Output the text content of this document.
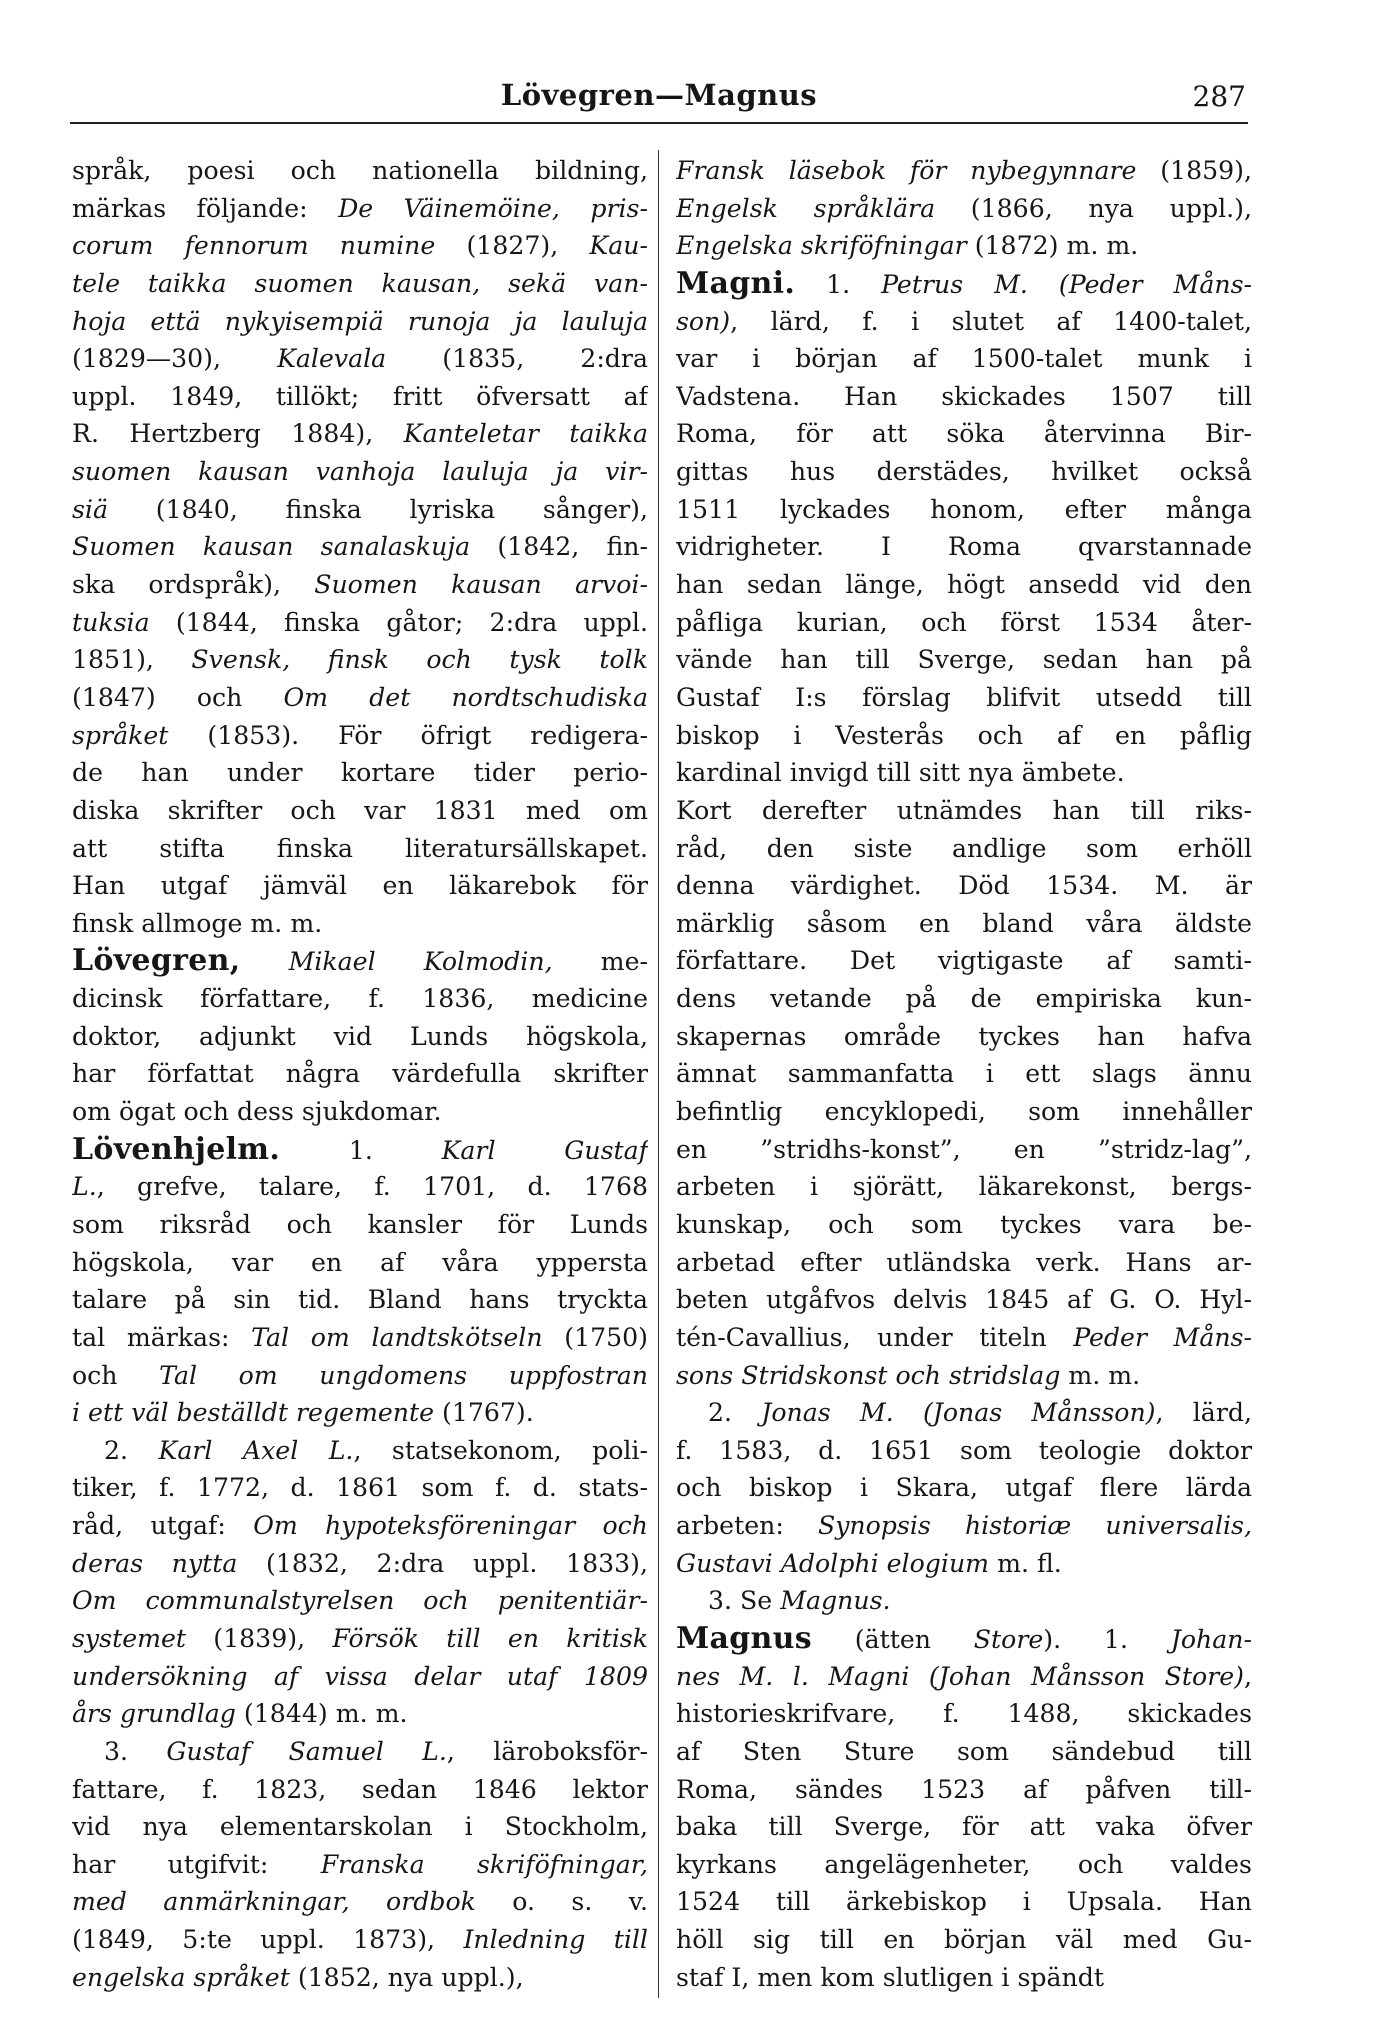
Lövegren—Magnus	287
språk, poesi och nationella bildning,
märkas följande: De Väinemöine, pris-
corum fennorum numine (1827), Kau-
tele taikka suomen kausan, sekä van-
hoja että nykyisempiä runoja ja lauluja
(1829—30), Kalevala (1835, 2:dra
uppl. 1849, tillökt; fritt öfversatt af
R. Hertzberg 1884), Kanteletar taikka
suomen kausan vanhoja lauluja ja vir-
siä (1840, finska lyriska sånger),
Suomen kausan sanalaskuja (1842, fin-
ska ordspråk), Suomen kausan arvoi-
tuksia (1844, finska gåtor; 2:dra uppl.
1851), Svensk, finsk och tysk tolk
(1847) och Om det nordtschudiska
språket (1853). För öfrigt redigera-
de han under kortare tider perio-
diska skrifter och var 1831 med om
att stifta finska literatursällskapet.
Han utgaf jämväl en läkarebok för
finsk allmoge m. m.
Lövegren, Mikael Kolmodin, me-
dicinsk författare, f. 1836, medicine
doktor, adjunkt vid Lunds högskola,
har författat några värdefulla skrifter
om ögat och dess sjukdomar.
Lövenhjelm. 1. Karl Gustaf
L., grefve, talare, f. 1701, d. 1768
som riksråd och kansler för Lunds
högskola, var en af våra yppersta
talare på sin tid. Bland hans tryckta
tal märkas: Tal om landtskötseln (1750)
och Tal om ungdomens uppfostran
i ett väl beställdt regemente (1767).
2. Karl Axel L., statsekonom, poli-
tiker, f. 1772, d. 1861 som f. d. stats-
råd, utgaf: Om hypoteksföreningar och
deras nytta (1832, 2:dra uppl. 1833),
Om communalstyrelsen och penitentiär-
systemet (1839), Försök till en kritisk
undersökning af vissa delar utaf 1809
års grundlag (1844) m. m.
3. Gustaf Samuel L., läroboksför-
fattare, f. 1823, sedan 1846 lektor
vid nya elementarskolan i Stockholm,
har utgifvit: Franska skriföfningar,
med anmärkningar, ordbok o. s. v.
(1849, 5:te uppl. 1873), Inledning till
engelska språket (1852, nya uppl.),
Fransk läsebok för nybegynnare (1859),
Engelsk språklära (1866, nya uppl.),
Engelska skriföfningar (1872) m. m.
Magni. 1. Petrus M. (Peder Måns-
son), lärd, f. i slutet af 1400-talet,
var i början af 1500-talet munk i
Vadstena. Han skickades 1507 till
Roma, för att söka återvinna Bir-
gittas hus derstädes, hvilket också
1511 lyckades honom, efter många
vidrigheter. I Roma qvarstannade
han sedan länge, högt ansedd vid den
påfliga kurian, och först 1534 åter-
vände han till Sverge, sedan han på
Gustaf I:s förslag blifvit utsedd till
biskop i Vesterås och af en påflig
kardinal invigd till sitt nya ämbete.
Kort derefter utnämdes han till riks-
råd, den siste andlige som erhöll
denna värdighet. Död 1534. M. är
märklig såsom en bland våra äldste
författare. Det vigtigaste af samti-
dens vetande på de empiriska kun-
skapernas område tyckes han hafva
ämnat sammanfatta i ett slags ännu
befintlig encyklopedi, som innehåller
en ”stridhs-konst”, en ”stridz-lag”,
arbeten i sjörätt, läkarekonst, bergs-
kunskap, och som tyckes vara be-
arbetad efter utländska verk. Hans ar-
beten utgåfvos delvis 1845 af G. O. Hyl-
tén-Cavallius, under titeln Peder Måns-
sons Stridskonst och stridslag m. m.
2. Jonas M. (Jonas Månsson), lärd,
f. 1583, d. 1651 som teologie doktor
och biskop i Skara, utgaf flere lärda
arbeten: Synopsis historiæ universalis,
Gustavi Adolphi elogium m. fl.
3. Se Magnus.
Magnus (ätten Store). 1. Johan-
nes M. l. Magni (Johan Månsson Store),
historieskrifvare, f. 1488, skickades
af Sten Sture som sändebud till
Roma, sändes 1523 af påfven till-
baka till Sverge, för att vaka öfver
kyrkans angelägenheter, och valdes
1524 till ärkebiskop i Upsala. Han
höll sig till en början väl med Gu-
staf I, men kom slutligen i spändt
